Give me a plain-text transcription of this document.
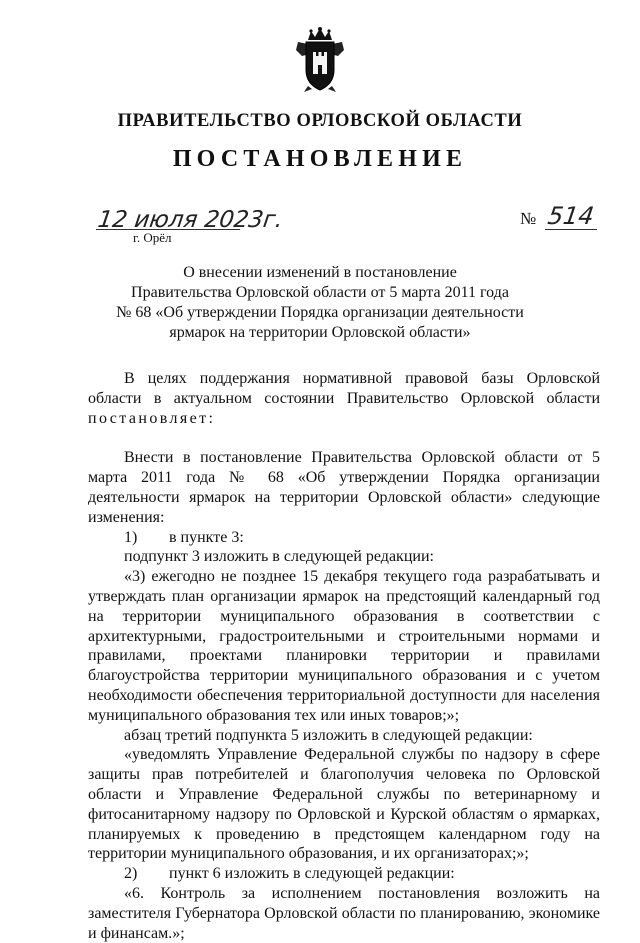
ПРАВИТЕЛЬСТВО ОРЛОВСКОЙ ОБЛАСТИ
ПОСТАНОВЛЕНИЕ
12 июля 2023г.
г. Орёл
№ 514
О внесении изменений в постановление
Правительства Орловской области от 5 марта 2011 года
№ 68 «Об утверждении Порядка организации деятельности
ярмарок на территории Орловской области»

В целях поддержания нормативной правовой базы Орловской области в актуальном состоянии Правительство Орловской области постановляет:

Внести в постановление Правительства Орловской области от 5 марта 2011 года № 68 «Об утверждении Порядка организации деятельности ярмарок на территории Орловской области» следующие изменения:

1) в пункте 3:

подпункт 3 изложить в следующей редакции:

«3) ежегодно не позднее 15 декабря текущего года разрабатывать и утверждать план организации ярмарок на предстоящий календарный год на территории муниципального образования в соответствии с архитектурными, градостроительными и строительными нормами и правилами, проектами планировки территории и правилами благоустройства территории муниципального образования и с учетом необходимости обеспечения территориальной доступности для населения муниципального образования тех или иных товаров;»;

абзац третий подпункта 5 изложить в следующей редакции:

«уведомлять Управление Федеральной службы по надзору в сфере защиты прав потребителей и благополучия человека по Орловской области и Управление Федеральной службы по ветеринарному и фитосанитарному надзору по Орловской и Курской областям о ярмарках, планируемых к проведению в предстоящем календарном году на территории муниципального образования, и их организаторах;»;

2) пункт 6 изложить в следующей редакции:

«6. Контроль за исполнением постановления возложить на заместителя Губернатора Орловской области по планированию, экономике и финансам.»;
